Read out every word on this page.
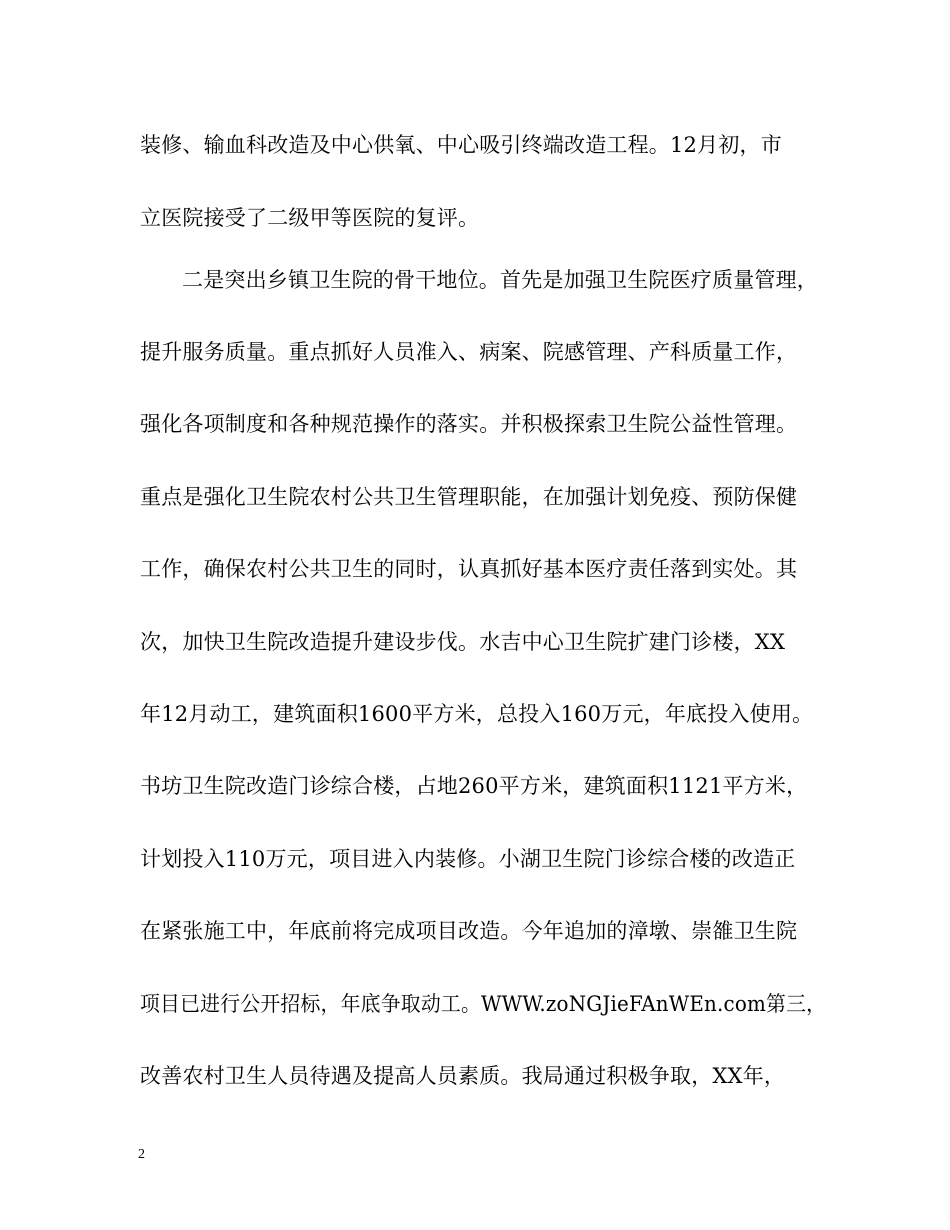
装修、输血科改造及中心供氧、中心吸引终端改造工程。12月初，市
立医院接受了二级甲等医院的复评。
二是突出乡镇卫生院的骨干地位。首先是加强卫生院医疗质量管理，
提升服务质量。重点抓好人员准入、病案、院感管理、产科质量工作，
强化各项制度和各种规范操作的落实。并积极探索卫生院公益性管理。
重点是强化卫生院农村公共卫生管理职能，在加强计划免疫、预防保健
工作，确保农村公共卫生的同时，认真抓好基本医疗责任落到实处。其
次，加快卫生院改造提升建设步伐。水吉中心卫生院扩建门诊楼，XX
年12月动工，建筑面积1600平方米，总投入160万元，年底投入使用。
书坊卫生院改造门诊综合楼，占地260平方米，建筑面积1121平方米，
计划投入110万元，项目进入内装修。小湖卫生院门诊综合楼的改造正
在紧张施工中，年底前将完成项目改造。今年追加的漳墩、崇雒卫生院
项目已进行公开招标，年底争取动工。WWW.zoNGJieFAnWEn.com第三，
改善农村卫生人员待遇及提高人员素质。我局通过积极争取，XX年，
2
